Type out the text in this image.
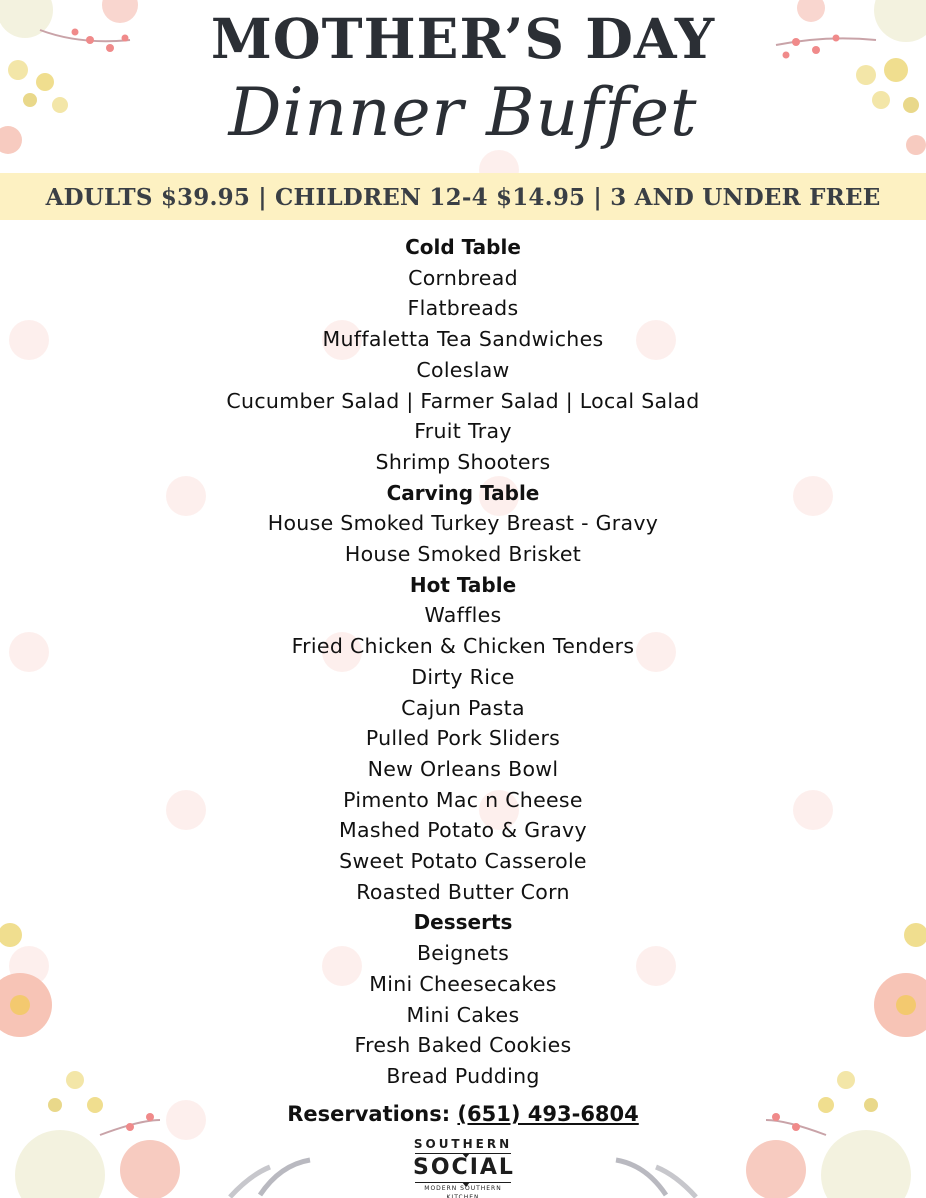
MOTHER’S DAY
Dinner Buffet
ADULTS $39.95 | CHILDREN 12-4 $14.95 | 3 AND UNDER FREE
Cold Table
Cornbread
Flatbreads
Muffaletta Tea Sandwiches
Coleslaw
Cucumber Salad | Farmer Salad | Local Salad
Fruit Tray
Shrimp Shooters
Carving Table
House Smoked Turkey Breast - Gravy
House Smoked Brisket
Hot Table
Waffles
Fried Chicken & Chicken Tenders
Dirty Rice
Cajun Pasta
Pulled Pork Sliders
New Orleans Bowl
Pimento Mac n Cheese
Mashed Potato & Gravy
Sweet Potato Casserole
Roasted Butter Corn
Desserts
Beignets
Mini Cheesecakes
Mini Cakes
Fresh Baked Cookies
Bread Pudding
Reservations: (651) 493-6804
SOUTHERN
SOCIAL
MODERN SOUTHERN KITCHEN
